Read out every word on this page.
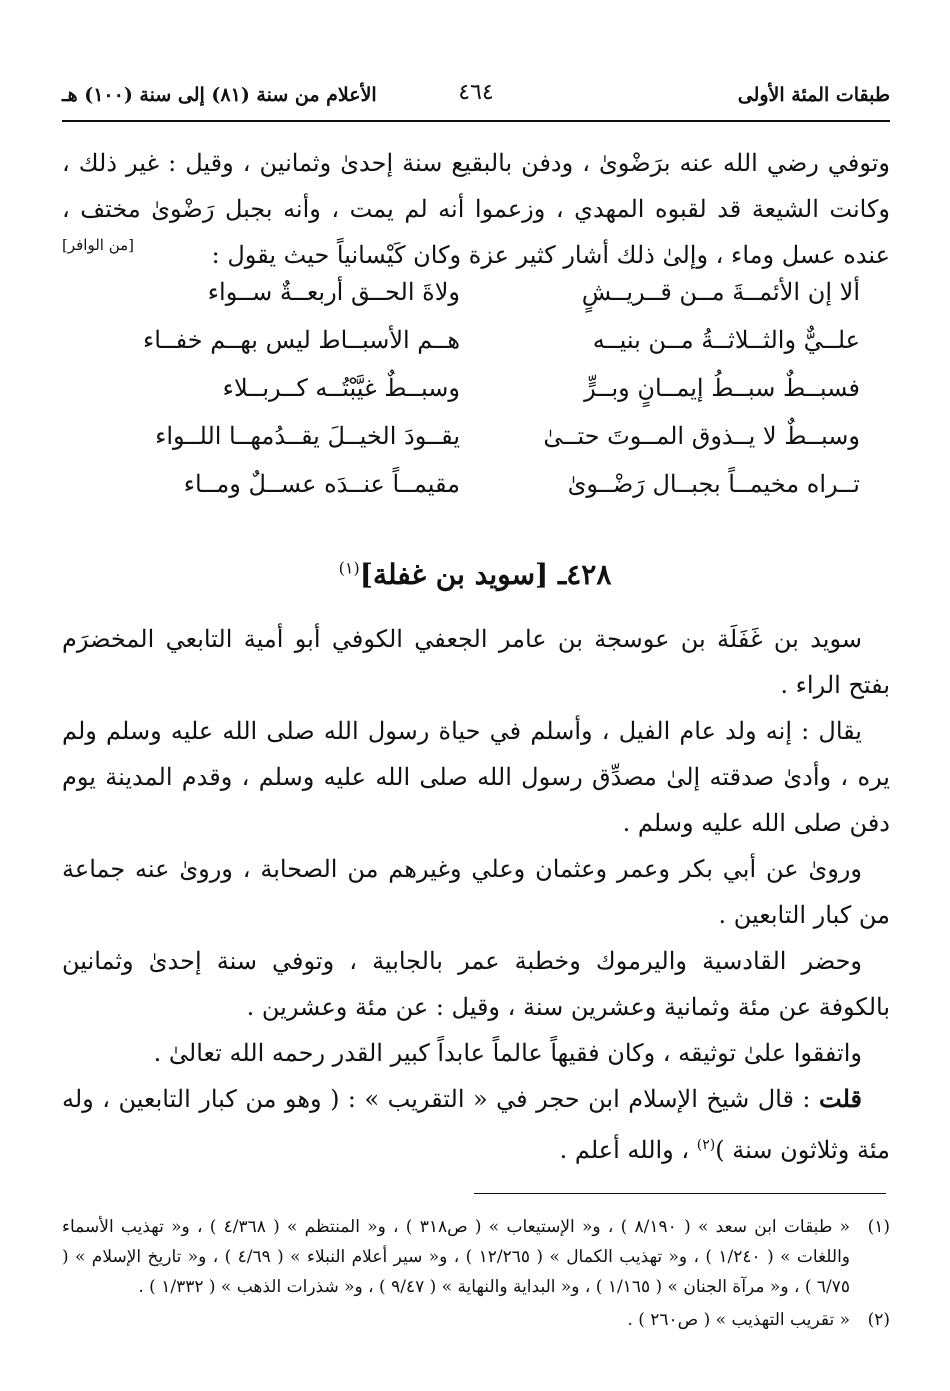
طبقات المئة الأولى
٤٦٤
الأعلام من سنة (٨١) إلى سنة (١٠٠) هـ

وتوفي رضي الله عنه برَضْوىٰ ، ودفن بالبقيع سنة إحدىٰ وثمانين ، وقيل : غير ذلك ، وكانت الشيعة قد لقبوه المهدي ، وزعموا أنه لم يمت ، وأنه بجبل رَضْوىٰ مختف ، عنده عسل وماء ، وإلىٰ ذلك أشار كثير عزة وكان كَيْسانياً حيث يقول :

[من الوافر]
ألا إن الأئمــةَ مــن قــريــشٍ
ولاةَ الحــق أربعــةٌ ســواء
علــيٌّ والثــلاثــةُ مــن بنيــه
هــم الأسبــاط ليس بهــم خفــاء
فسبــطٌ سبــطُ إيمــانٍ وبــرٍّ
وسبــطٌ غيَّبْتُــه كــربــلاء
وسبــطٌ لا يــذوق المــوتَ حتــىٰ
يقــودَ الخيــلَ يقــدُمهــا اللــواء
تــراه مخيمــاً بجبــال رَضْــوىٰ
مقيمــاً عنــدَه عســلٌ ومــاء
٤٢٨ـ [سويد بن غفلة]$^{(١)}$

سويد بن غَفَلَة بن عوسجة بن عامر الجعفي الكوفي أبو أمية التابعي المخضرَم بفتح الراء .

يقال : إنه ولد عام الفيل ، وأسلم في حياة رسول الله صلى الله عليه وسلم ولم يره ، وأدىٰ صدقته إلىٰ مصدِّق رسول الله صلى الله عليه وسلم ، وقدم المدينة يوم دفن صلى الله عليه وسلم .

وروىٰ عن أبي بكر وعمر وعثمان وعلي وغيرهم من الصحابة ، وروىٰ عنه جماعة من كبار التابعين .

وحضر القادسية واليرموك وخطبة عمر بالجابية ، وتوفي سنة إحدىٰ وثمانين بالكوفة عن مئة وثمانية وعشرين سنة ، وقيل : عن مئة وعشرين .

واتفقوا علىٰ توثيقه ، وكان فقيهاً عالماً عابداً كبير القدر رحمه الله تعالىٰ .

قلت : قال شيخ الإسلام ابن حجر في « التقريب » : ( وهو من كبار التابعين ، وله مئة وثلاثون سنة )$^{(٢)}$ ، والله أعلم .

(١)
« طبقات ابن سعد » ( ٨/١٩٠ ) ، و« الإستيعاب » ( ص٣١٨ ) ، و« المنتظم » ( ٤/٣٦٨ ) ، و« تهذيب الأسماء واللغات » ( ١/٢٤٠ ) ، و« تهذيب الكمال » ( ١٢/٢٦٥ ) ، و« سير أعلام النبلاء » ( ٤/٦٩ ) ، و« تاريخ الإسلام » ( ٦/٧٥ ) ، و« مرآة الجنان » ( ١/١٦٥ ) ، و« البداية والنهاية » ( ٩/٤٧ ) ، و« شذرات الذهب » ( ١/٣٣٢ ) .
(٢)
« تقريب التهذيب » ( ص٢٦٠ ) .
